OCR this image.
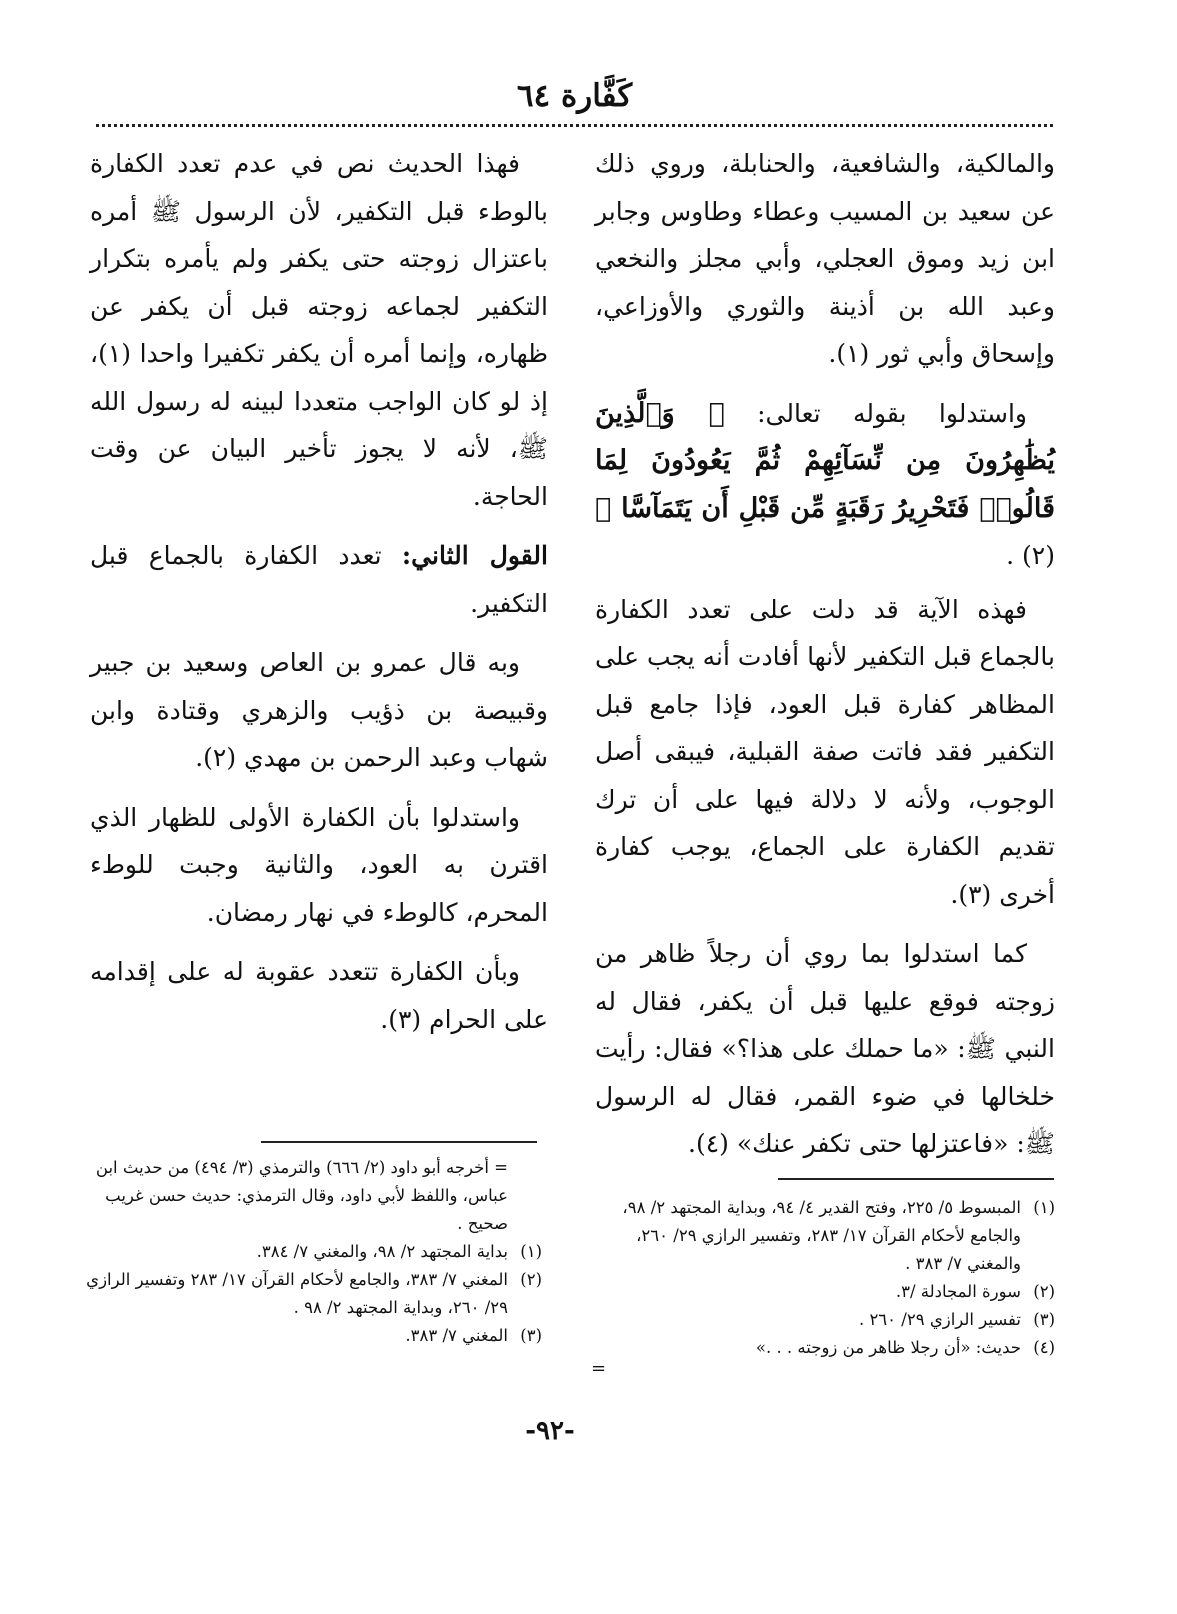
كَفَّارة ٦٤

والمالكية، والشافعية، والحنابلة، وروي ذلك عن سعيد بن المسيب وعطاء وطاوس وجابر ابن زيد وموق العجلي، وأبي مجلز والنخعي وعبد الله بن أذينة والثوري والأوزاعي، وإسحاق وأبي ثور (١).

واستدلوا بقوله تعالى: ﴿ وَٱلَّذِينَ يُظَٰهِرُونَ مِن نِّسَآئِهِمْ ثُمَّ يَعُودُونَ لِمَا قَالُوا۟ فَتَحْرِيرُ رَقَبَةٍ مِّن قَبْلِ أَن يَتَمَآسَّا ﴾ (٢) .

فهذه الآية قد دلت على تعدد الكفارة بالجماع قبل التكفير لأنها أفادت أنه يجب على المظاهر كفارة قبل العود، فإذا جامع قبل التكفير فقد فاتت صفة القبلية، فيبقى أصل الوجوب، ولأنه لا دلالة فيها على أن ترك تقديم الكفارة على الجماع، يوجب كفارة أخرى (٣).

كما استدلوا بما روي أن رجلاً ظاهر من زوجته فوقع عليها قبل أن يكفر، فقال له النبي ﷺ: «ما حملك على هذا؟» فقال: رأيت خلخالها في ضوء القمر، فقال له الرسول ﷺ: «فاعتزلها حتى تكفر عنك» (٤).

فهذا الحديث نص في عدم تعدد الكفارة بالوطء قبل التكفير، لأن الرسول ﷺ أمره باعتزال زوجته حتى يكفر ولم يأمره بتكرار التكفير لجماعه زوجته قبل أن يكفر عن ظهاره، وإنما أمره أن يكفر تكفيرا واحدا (١)، إذ لو كان الواجب متعددا لبينه له رسول الله ﷺ، لأنه لا يجوز تأخير البيان عن وقت الحاجة.

القول الثاني: تعدد الكفارة بالجماع قبل التكفير.

وبه قال عمرو بن العاص وسعيد بن جبير وقبيصة بن ذؤيب والزهري وقتادة وابن شهاب وعبد الرحمن بن مهدي (٢).

واستدلوا بأن الكفارة الأولى للظهار الذي اقترن به العود، والثانية وجبت للوطء المحرم، كالوطء في نهار رمضان.

وبأن الكفارة تتعدد عقوبة له على إقدامه على الحرام (٣).

(١)
المبسوط ٥/ ٢٢٥، وفتح القدير ٤/ ٩٤، وبداية المجتهد ٢/ ٩٨، والجامع لأحكام القرآن ١٧/ ٢٨٣، وتفسير الرازي ٢٩/ ٢٦٠، والمغني ٧/ ٣٨٣ .
(٢)
سورة المجادلة /٣.
(٣)
تفسير الرازي ٢٩/ ٢٦٠ .
(٤)
حديث: «أن رجلا ظاهر من زوجته . . .»
=

= أخرجه أبو داود (٢/ ٦٦٦) والترمذي (٣/ ٤٩٤) من حديث ابن عباس، واللفظ لأبي داود، وقال الترمذي: حديث حسن غريب صحيح .

(١)
بداية المجتهد ٢/ ٩٨، والمغني ٧/ ٣٨٤.
(٢)
المغني ٧/ ٣٨٣، والجامع لأحكام القرآن ١٧/ ٢٨٣ وتفسير الرازي ٢٩/ ٢٦٠، وبداية المجتهد ٢/ ٩٨ .
(٣)
المغني ٧/ ٣٨٣.
-٩٢-
